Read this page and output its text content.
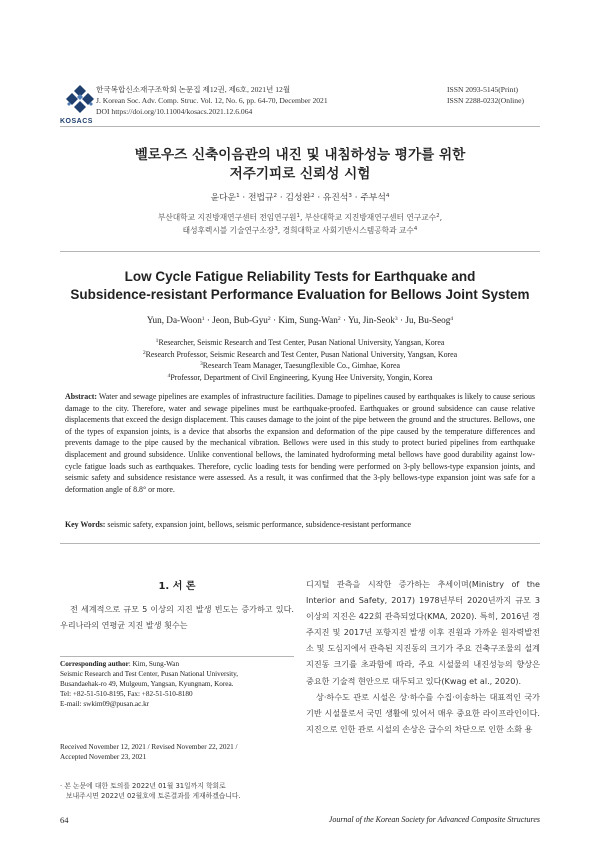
KOSACS
한국복합신소재구조학회 논문집 제12권, 제6호, 2021년 12월
J. Korean Soc. Adv. Comp. Struc. Vol. 12, No. 6, pp. 64-70, December 2021
DOI https://doi.org/10.11004/kosacs.2021.12.6.064
ISSN 2093-5145(Print)
ISSN 2288-0232(Online)
벨로우즈 신축이음관의 내진 및 내침하성능 평가를 위한
저주기피로 신뢰성 시험
윤다운$^1$ · 전법규$^2$ · 김성완$^2$ · 유진석$^3$ · 주부석$^4$
부산대학교 지진방재연구센터 전임연구원$^1$, 부산대학교 지진방재연구센터 연구교수$^2$,
태성후렉시블 기술연구소장$^3$, 경희대학교 사회기반시스템공학과 교수$^4$
Low Cycle Fatigue Reliability Tests for Earthquake and
Subsidence-resistant Performance Evaluation for Bellows Joint System
Yun, Da-Woon$^1$ · Jeon, Bub-Gyu$^2$ · Kim, Sung-Wan$^2$ · Yu, Jin-Seok$^3$ · Ju, Bu-Seog$^4$
$^1$Researcher, Seismic Research and Test Center, Pusan National University, Yangsan, Korea
$^2$Research Professor, Seismic Research and Test Center, Pusan National University, Yangsan, Korea
$^3$Research Team Manager, Taesungflexible Co., Gimhae, Korea
$^4$Professor, Department of Civil Engineering, Kyung Hee University, Yongin, Korea
Abstract: Water and sewage pipelines are examples of infrastructure facilities. Damage to pipelines caused by earthquakes is likely to cause serious damage to the city. Therefore, water and sewage pipelines must be earthquake-proofed. Earthquakes or ground subsidence can cause relative displacements that exceed the design displacement. This causes damage to the joint of the pipe between the ground and the structures. Bellows, one of the types of expansion joints, is a device that absorbs the expansion and deformation of the pipe caused by the temperature differences and prevents damage to the pipe caused by the mechanical vibration. Bellows were used in this study to protect buried pipelines from earthquake displacement and ground subsidence. Unlike conventional bellows, the laminated hydroforming metal bellows have good durability against low-cycle fatigue loads such as earthquakes. Therefore, cyclic loading tests for bending were performed on 3-ply bellows-type expansion joints, and seismic safety and subsidence resistance were assessed. As a result, it was confirmed that the 3-ply bellows-type expansion joint was safe for a deformation angle of 8.8° or more.
Key Words: seismic safety, expansion joint, bellows, seismic performance, subsidence-resistant performance
1. 서 론
전 세계적으로 규모 5 이상의 지진 발생 빈도는 증가하고 있다. 우리나라의 연평균 지진 발생 횟수는
Corresponding author: Kim, Sung-Wan
Seismic Research and Test Center, Pusan National University,
Busandaehak-ro 49, Mulgeum, Yangsan, Kyungnam, Korea.
Tel: +82-51-510-8195, Fax: +82-51-510-8180
E-mail: swkim09@pusan.ac.kr
Received November 12, 2021 / Revised November 22, 2021 /
Accepted November 23, 2021
· 본 논문에 대한 토의를 2022년 01월 31일까지 학회로
보내주시면 2022년 02월호에 토론결과를 게재하겠습니다.

디지털 관측을 시작한 증가하는 추세이며(Ministry of the Interior and Safety, 2017) 1978년부터 2020년까지 규모 3 이상의 지진은 422회 관측되었다(KMA, 2020). 특히, 2016년 경주지진 및 2017년 포항지진 발생 이후 진원과 가까운 원자력발전소 및 도심지에서 관측된 지진동의 크기가 주요 건축구조물의 설계 지진동 크기를 초과함에 따라, 주요 시설물의 내진성능의 향상은 중요한 기술적 현안으로 대두되고 있다(Kwag et al., 2020).

상·하수도 관로 시설은 상·하수를 수집·이송하는 대표적인 국가 기반 시설물로서 국민 생활에 있어서 매우 중요한 라이프라인이다. 지진으로 인한 관로 시설의 손상은 급수의 차단으로 인한 소화 용

64	Journal of the Korean Society for Advanced Composite Structures
